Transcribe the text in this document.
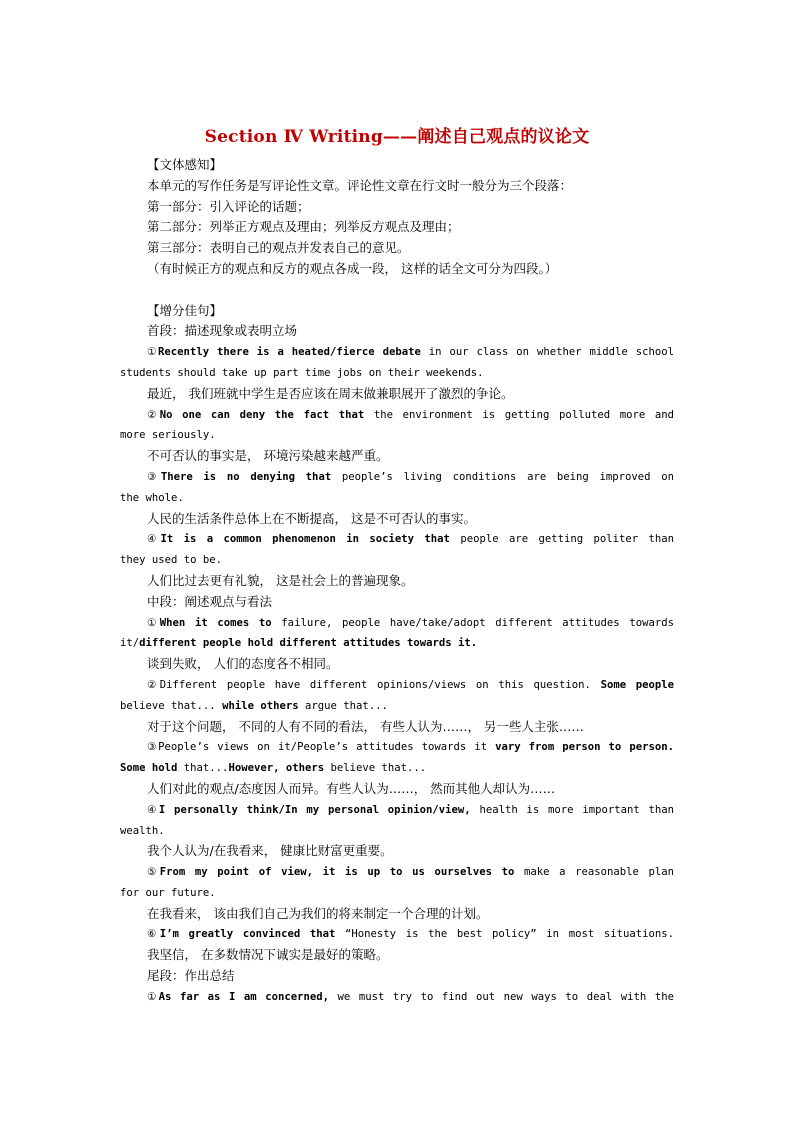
Section Ⅳ Writing——阐述自己观点的议论文
【文体感知】
本单元的写作任务是写评论性文章。评论性文章在行文时一般分为三个段落：
第一部分：引入评论的话题；
第二部分：列举正方观点及理由；列举反方观点及理由；
第三部分：表明自己的观点并发表自己的意见。
（有时候正方的观点和反方的观点各成一段， 这样的话全文可分为四段。）
【增分佳句】
首段：描述现象或表明立场
①Recently there is a heated/fierce debate in our class on whether middle school
students should take up part time jobs on their weekends.
最近， 我们班就中学生是否应该在周末做兼职展开了激烈的争论。
②No one can deny the fact that the environment is getting polluted more and
more seriously.
不可否认的事实是， 环境污染越来越严重。
③There is no denying that people’s living conditions are being improved on
the whole.
人民的生活条件总体上在不断提高， 这是不可否认的事实。
④It is a common phenomenon in society that people are getting politer than
they used to be.
人们比过去更有礼貌， 这是社会上的普遍现象。
中段：阐述观点与看法
①When it comes to failure, people have/take/adopt different attitudes towards
it/different people hold different attitudes towards it.
谈到失败， 人们的态度各不相同。
②Different people have different opinions/views on this question. Some people
believe that... while others argue that...
对于这个问题， 不同的人有不同的看法， 有些人认为……， 另一些人主张……
③People’s views on it/People’s attitudes towards it vary from person to person.
Some hold that...However, others believe that...
人们对此的观点/态度因人而异。有些人认为……， 然而其他人却认为……
④I personally think/In my personal opinion/view, health is more important than
wealth.
我个人认为/在我看来， 健康比财富更重要。
⑤From my point of view, it is up to us ourselves to make a reasonable plan
for our future.
在我看来， 该由我们自己为我们的将来制定一个合理的计划。
⑥I’m greatly convinced that “Honesty is the best policy” in most situations.
我坚信， 在多数情况下诚实是最好的策略。
尾段：作出总结
①As far as I am concerned, we must try to find out new ways to deal with the
